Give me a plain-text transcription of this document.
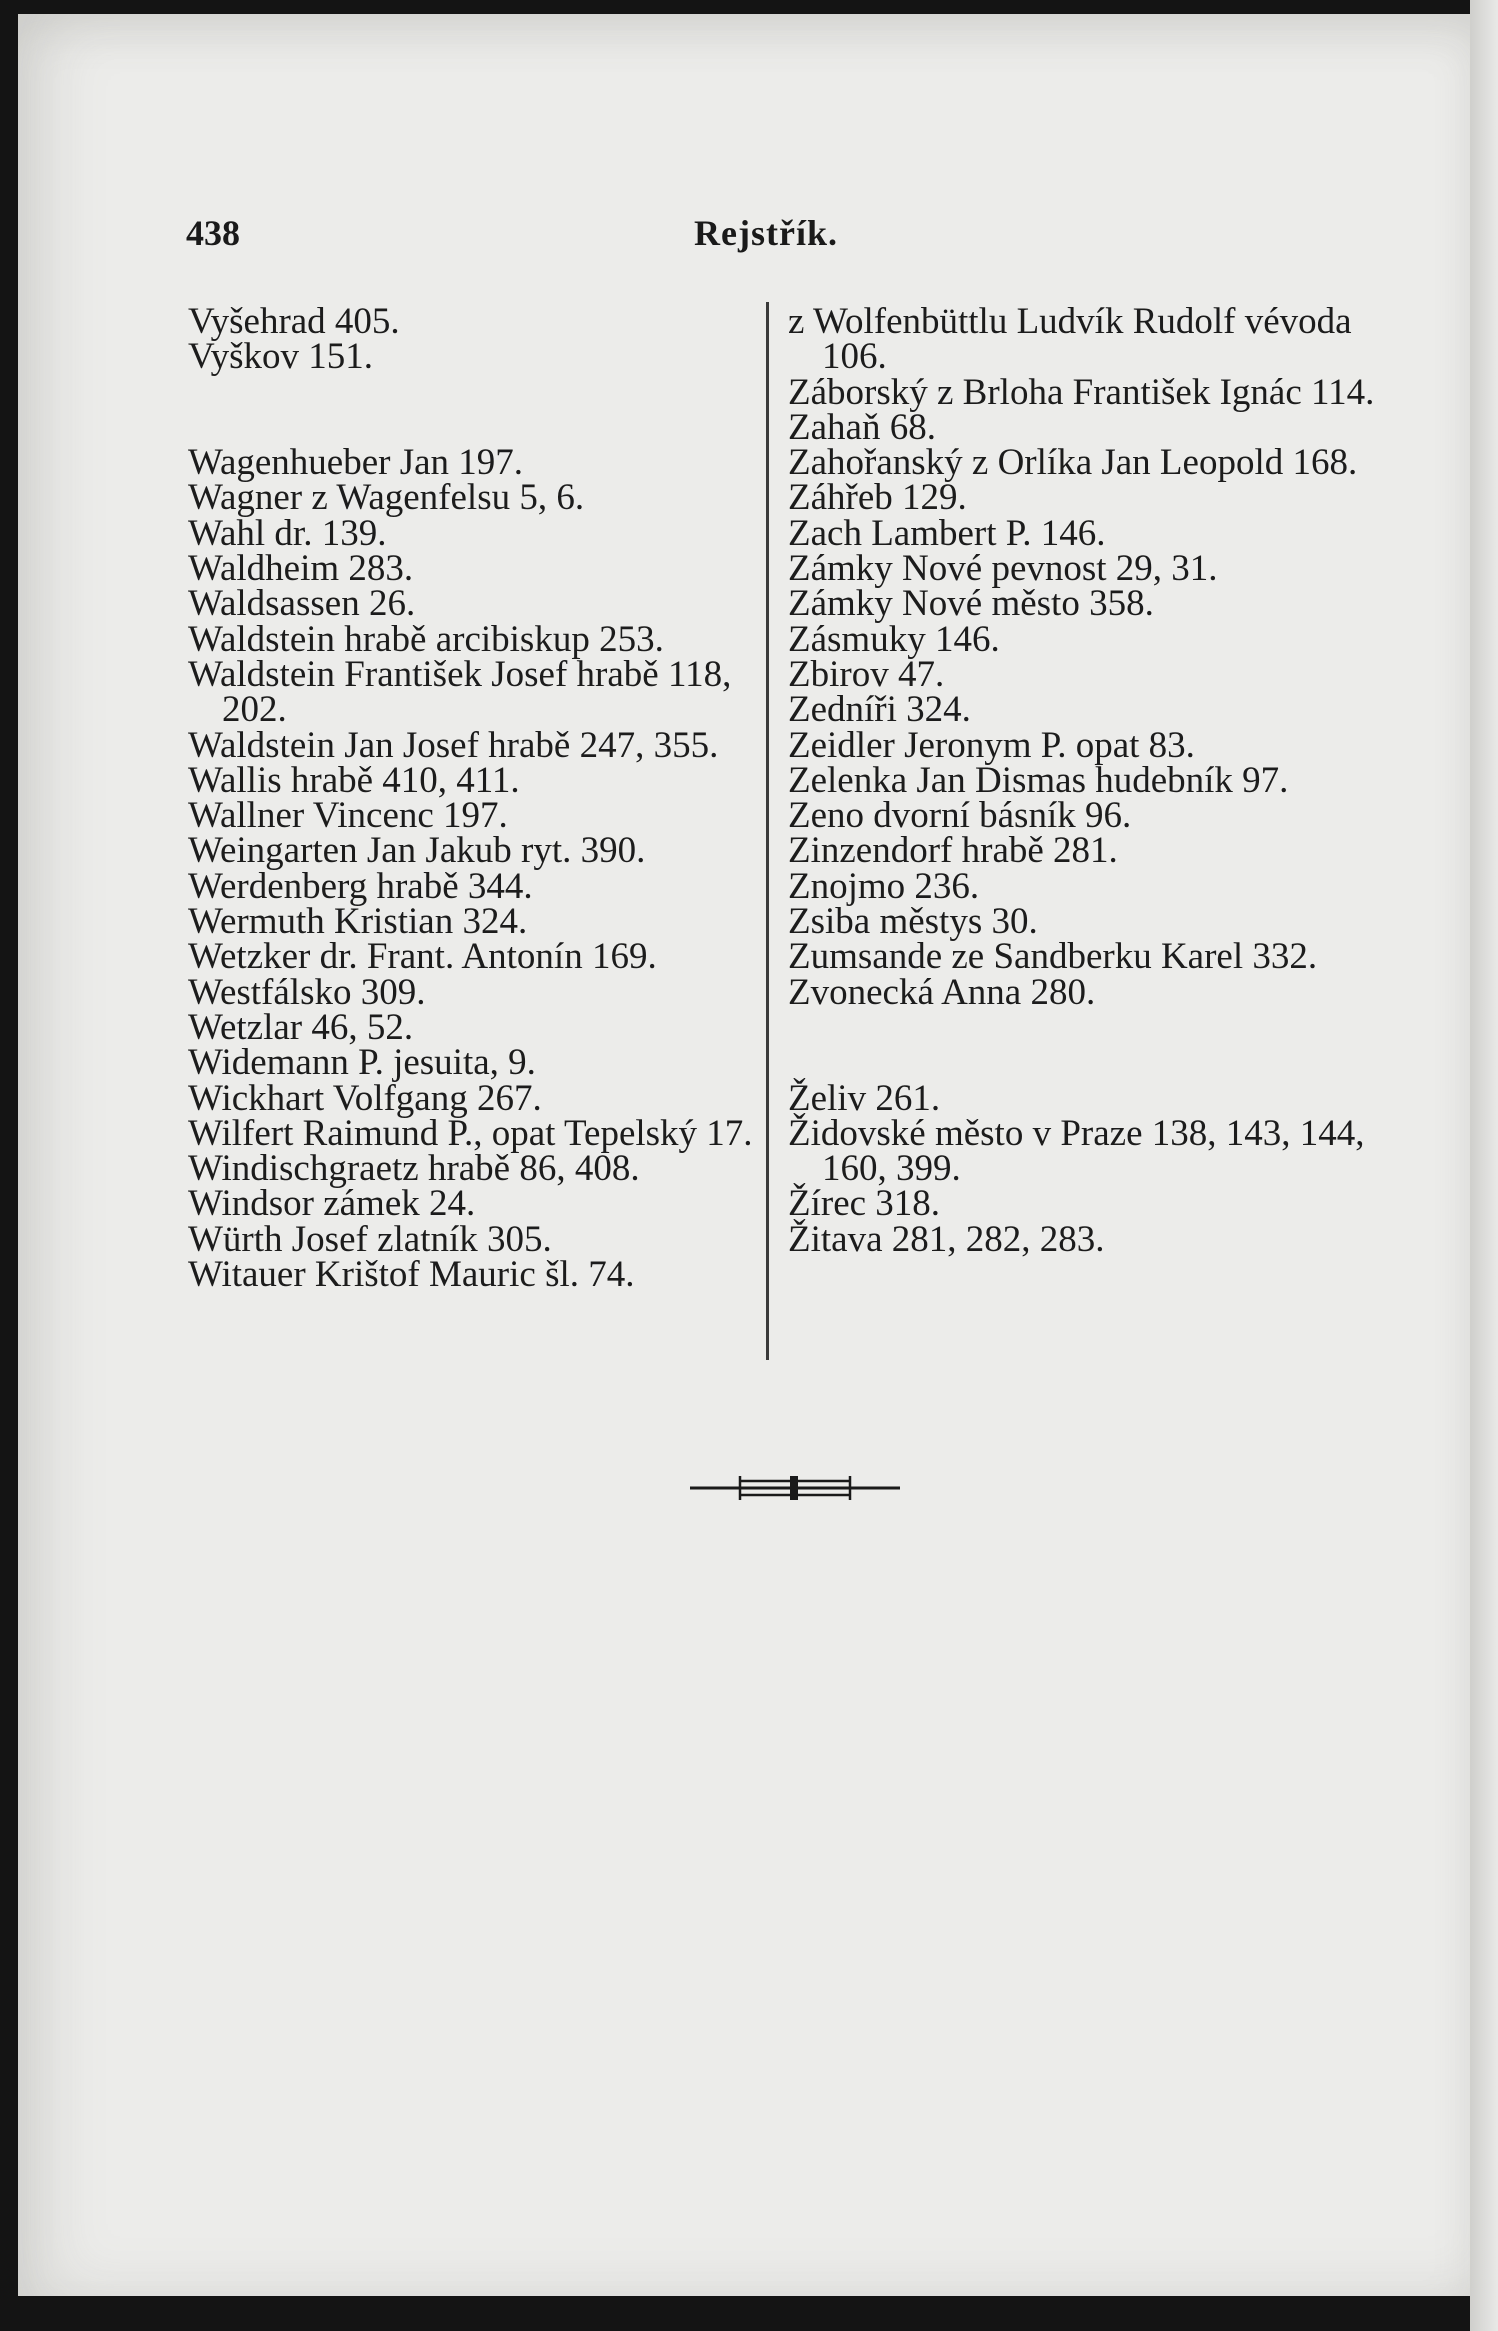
438	Rejstřík.
Vyšehrad 405.
Vyškov 151.
Wagenhueber Jan 197.
Wagner z Wagenfelsu 5, 6.
Wahl dr. 139.
Waldheim 283.
Waldsassen 26.
Waldstein hrabě arcibiskup 253.
Waldstein František Josef hrabě 118, 202.
Waldstein Jan Josef hrabě 247, 355.
Wallis hrabě 410, 411.
Wallner Vincenc 197.
Weingarten Jan Jakub ryt. 390.
Werdenberg hrabě 344.
Wermuth Kristian 324.
Wetzker dr. Frant. Antonín 169.
Westfálsko 309.
Wetzlar 46, 52.
Widemann P. jesuita, 9.
Wickhart Volfgang 267.
Wilfert Raimund P., opat Tepelský 17.
Windischgraetz hrabě 86, 408.
Windsor zámek 24.
Würth Josef zlatník 305.
Witauer Krištof Mauric šl. 74.
z Wolfenbüttlu Ludvík Rudolf vévoda 106.
Záborský z Brloha František Ignác 114.
Zahaň 68.
Zahořanský z Orlíka Jan Leopold 168.
Záhřeb 129.
Zach Lambert P. 146.
Zámky Nové pevnost 29, 31.
Zámky Nové město 358.
Zásmuky 146.
Zbirov 47.
Zedníři 324.
Zeidler Jeronym P. opat 83.
Zelenka Jan Dismas hudebník 97.
Zeno dvorní básník 96.
Zinzendorf hrabě 281.
Znojmo 236.
Zsiba městys 30.
Zumsande ze Sandberku Karel 332.
Zvonecká Anna 280.
Želiv 261.
Židovské město v Praze 138, 143, 144, 160, 399.
Žírec 318.
Žitava 281, 282, 283.
